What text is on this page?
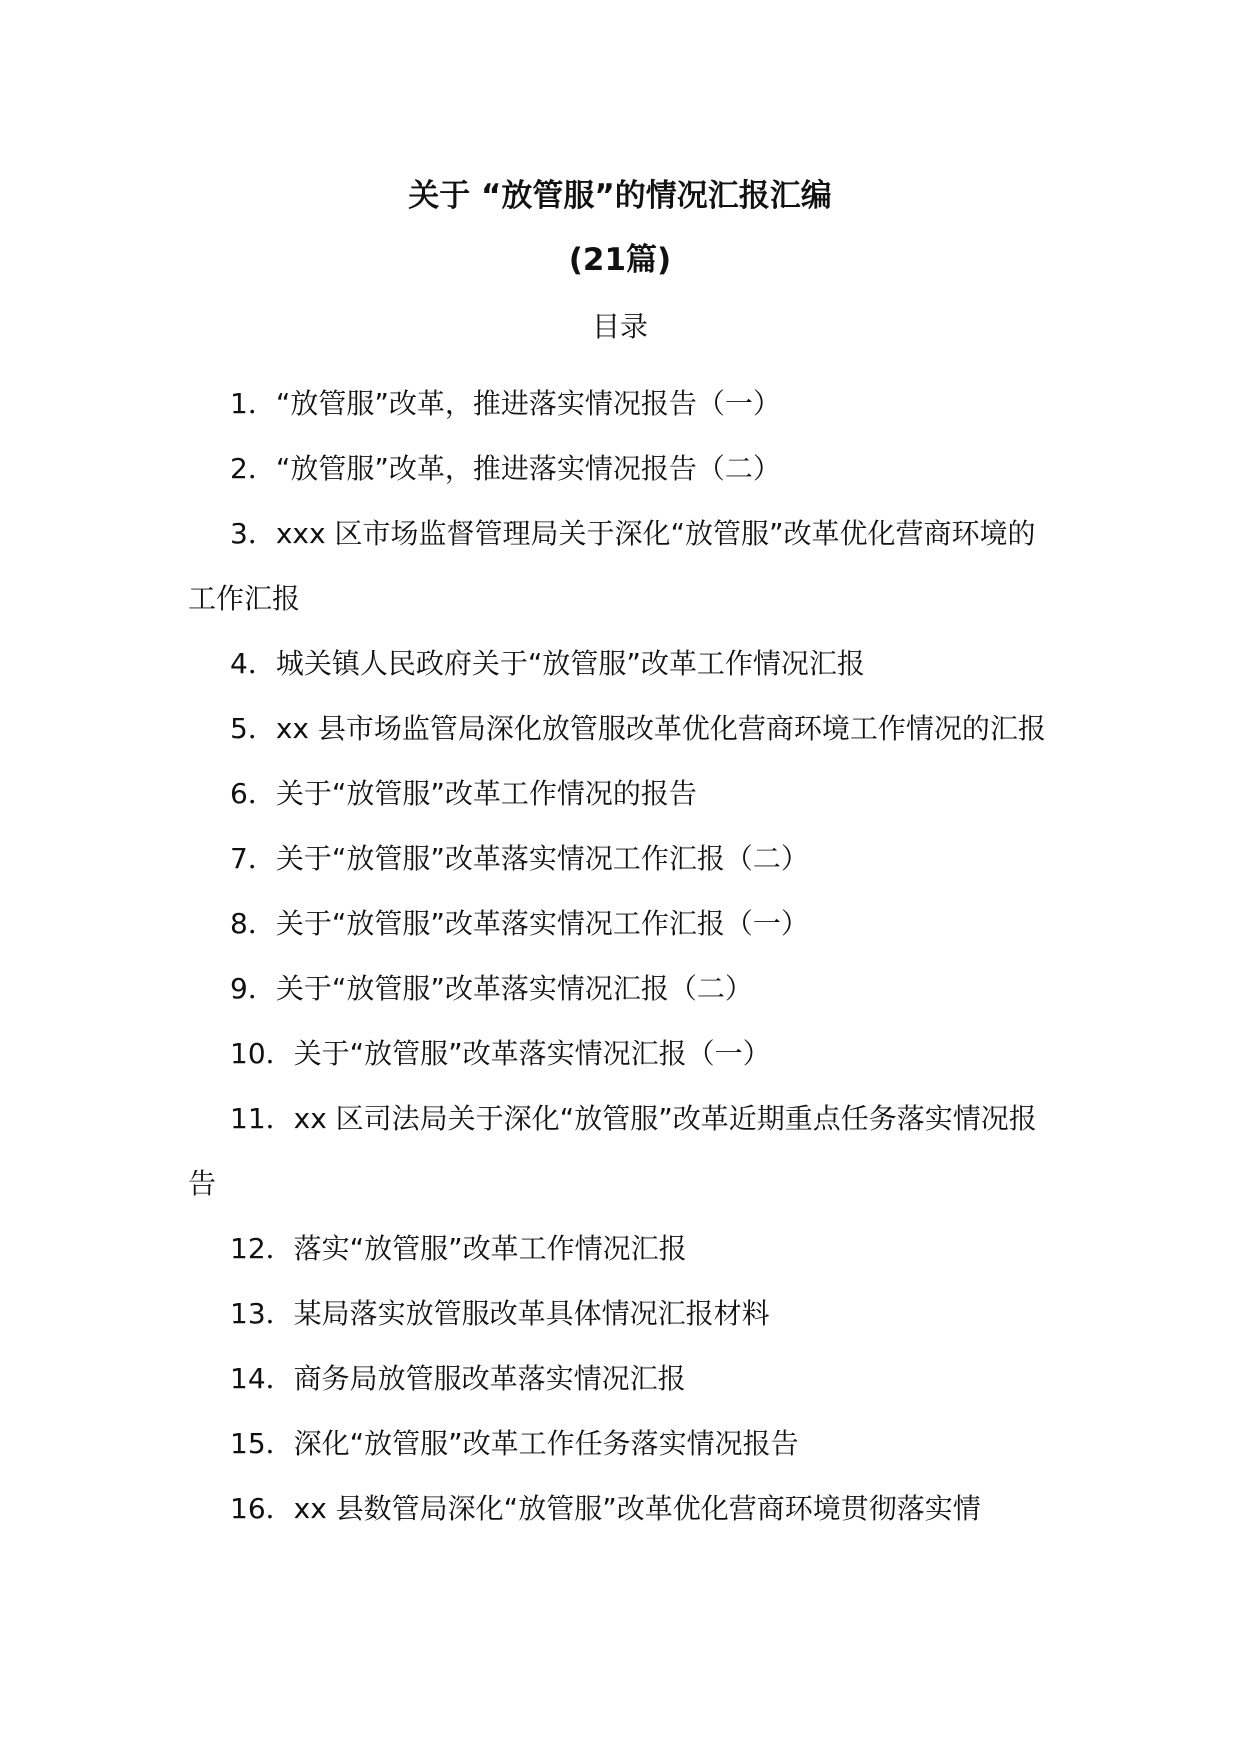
关于 “放管服”的情况汇报汇编
(21篇)
目录
1．“放管服”改革，推进落实情况报告（一）
2．“放管服”改革，推进落实情况报告（二）
3．xxx 区市场监督管理局关于深化“放管服”改革优化营商环境的工作汇报
4．城关镇人民政府关于“放管服”改革工作情况汇报
5．xx 县市场监管局深化放管服改革优化营商环境工作情况的汇报
6．关于“放管服”改革工作情况的报告
7．关于“放管服”改革落实情况工作汇报（二）
8．关于“放管服”改革落实情况工作汇报（一）
9．关于“放管服”改革落实情况汇报（二）
10．关于“放管服”改革落实情况汇报（一）
11．xx 区司法局关于深化“放管服”改革近期重点任务落实情况报告
12．落实“放管服”改革工作情况汇报
13．某局落实放管服改革具体情况汇报材料
14．商务局放管服改革落实情况汇报
15．深化“放管服”改革工作任务落实情况报告
16．xx 县数管局深化“放管服”改革优化营商环境贯彻落实情
